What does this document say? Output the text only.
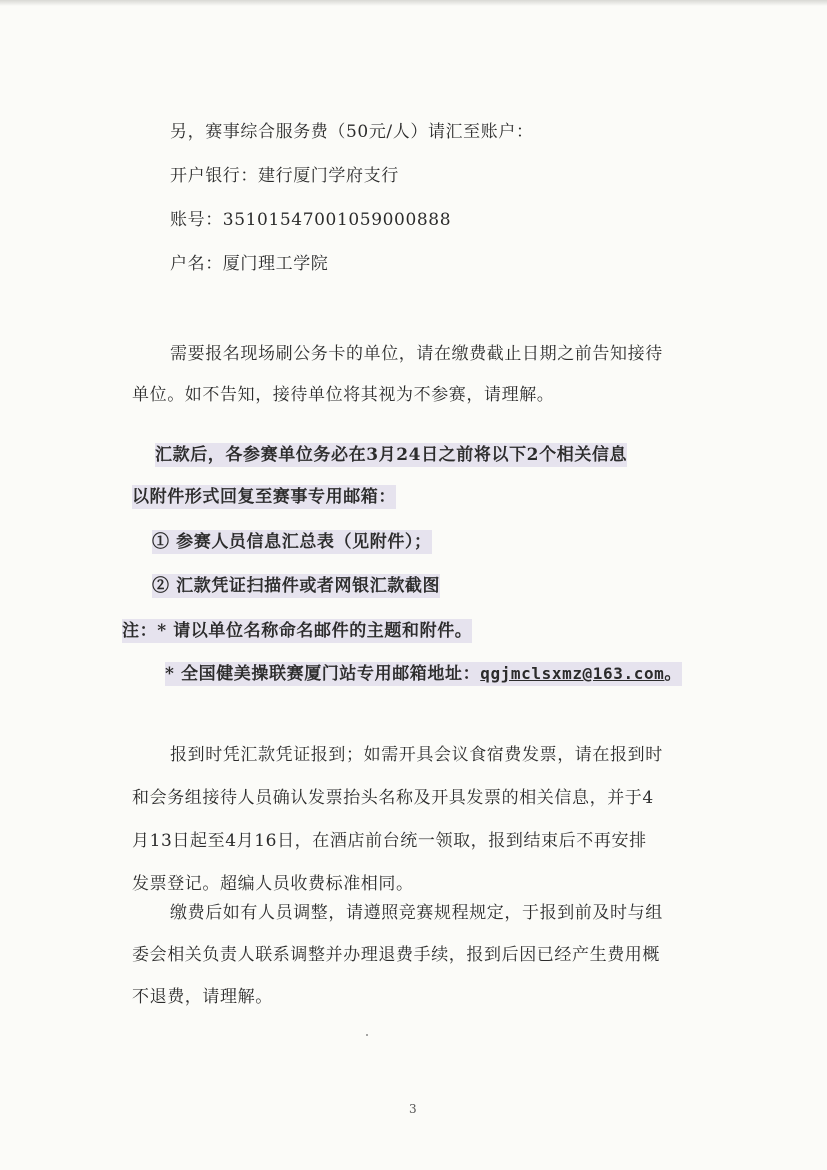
另，赛事综合服务费（50元/人）请汇至账户：
开户银行：建行厦门学府支行
账号：35101547001059000888
户名：厦门理工学院
需要报名现场刷公务卡的单位，请在缴费截止日期之前告知接待
单位。如不告知，接待单位将其视为不参赛，请理解。
汇款后，各参赛单位务必在3月24日之前将以下2个相关信息
以附件形式回复至赛事专用邮箱：
① 参赛人员信息汇总表（见附件）；
② 汇款凭证扫描件或者网银汇款截图
注：* 请以单位名称命名邮件的主题和附件。
* 全国健美操联赛厦门站专用邮箱地址：qgjmclsxmz@163.com。
报到时凭汇款凭证报到；如需开具会议食宿费发票，请在报到时
和会务组接待人员确认发票抬头名称及开具发票的相关信息，并于4
月13日起至4月16日，在酒店前台统一领取，报到结束后不再安排
发票登记。超编人员收费标准相同。
缴费后如有人员调整，请遵照竞赛规程规定，于报到前及时与组
委会相关负责人联系调整并办理退费手续，报到后因已经产生费用概
不退费，请理解。
3
